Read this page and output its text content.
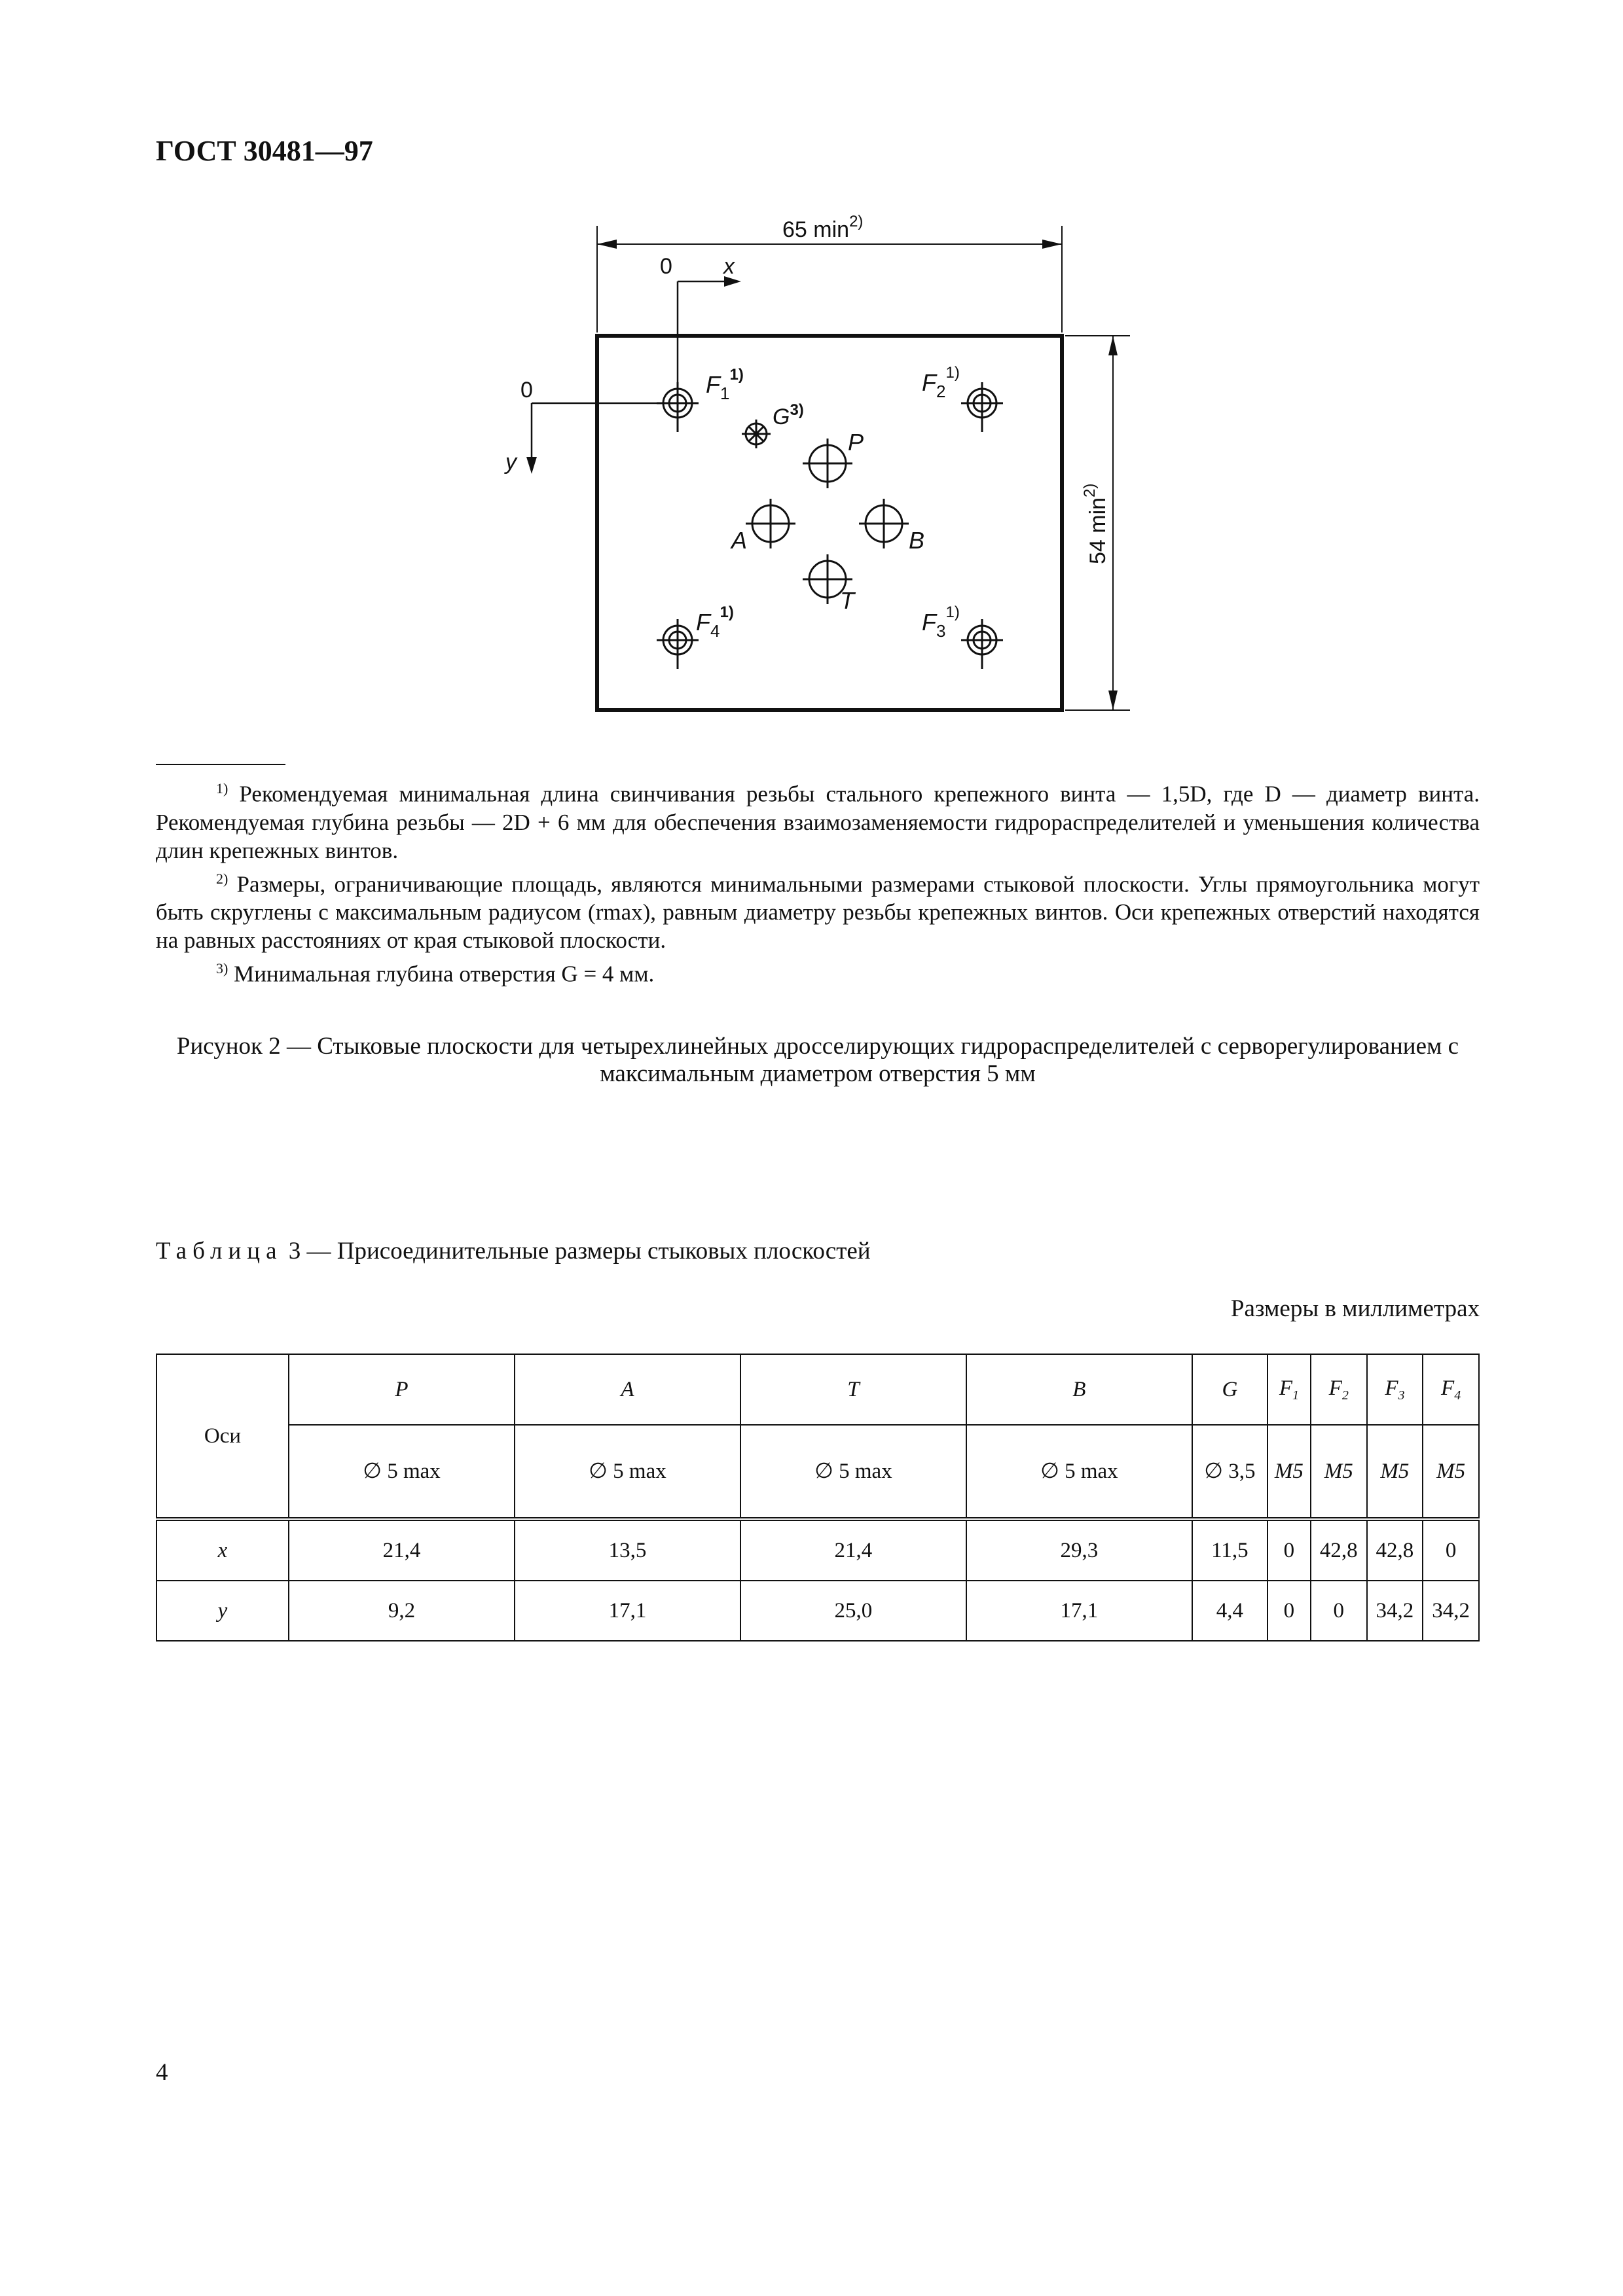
ГОСТ 30481—97
65 $\min^{2)}$
54 $\min^{2)}$
0 x
0
y
$F_1^{1)}$	$F_2^{1)}$
$F_3^{1)}$
$F_4^{1)}$
$G^{3)}$
P
A	B
T

$^{1)}$ Рекомендуемая минимальная длина свинчивания резьбы стального крепежного винта — 1,5D, где D — диаметр винта. Рекомендуемая глубина резьбы — 2D + 6 мм для обеспечения взаимозаменяемости гидрораспределителей и уменьшения количества длин крепежных винтов.

$^{2)}$ Размеры, ограничивающие площадь, являются минимальными размерами стыковой плоскости. Углы прямоугольника могут быть скруглены с максимальным радиусом (rmax), равным диаметру резьбы крепежных винтов. Оси крепежных отверстий находятся на равных расстояниях от края стыковой плоскости.

$^{3)}$ Минимальная глубина отверстия G = 4 мм.

Рисунок 2 — Стыковые плоскости для четырехлинейных дросселирующих гидрораспределителей с сервoрегулированием с максимальным диаметром отверстия 5 мм
Таблица 3 — Присоединительные размеры стыковых плоскостей
Размеры в миллиметрах
Оси	P	A	T	B	G	$F_1$	$F_2$	$F_3$	$F_4$
	∅ 5 max	∅ 5 max	∅ 5 max	∅ 5 max	∅ 3,5	M5	M5	M5	M5
x	21,4	13,5	21,4	29,3	11,5	0	42,8	42,8	0
y	9,2	17,1	25,0	17,1	4,4	0	0	34,2	34,2
4
